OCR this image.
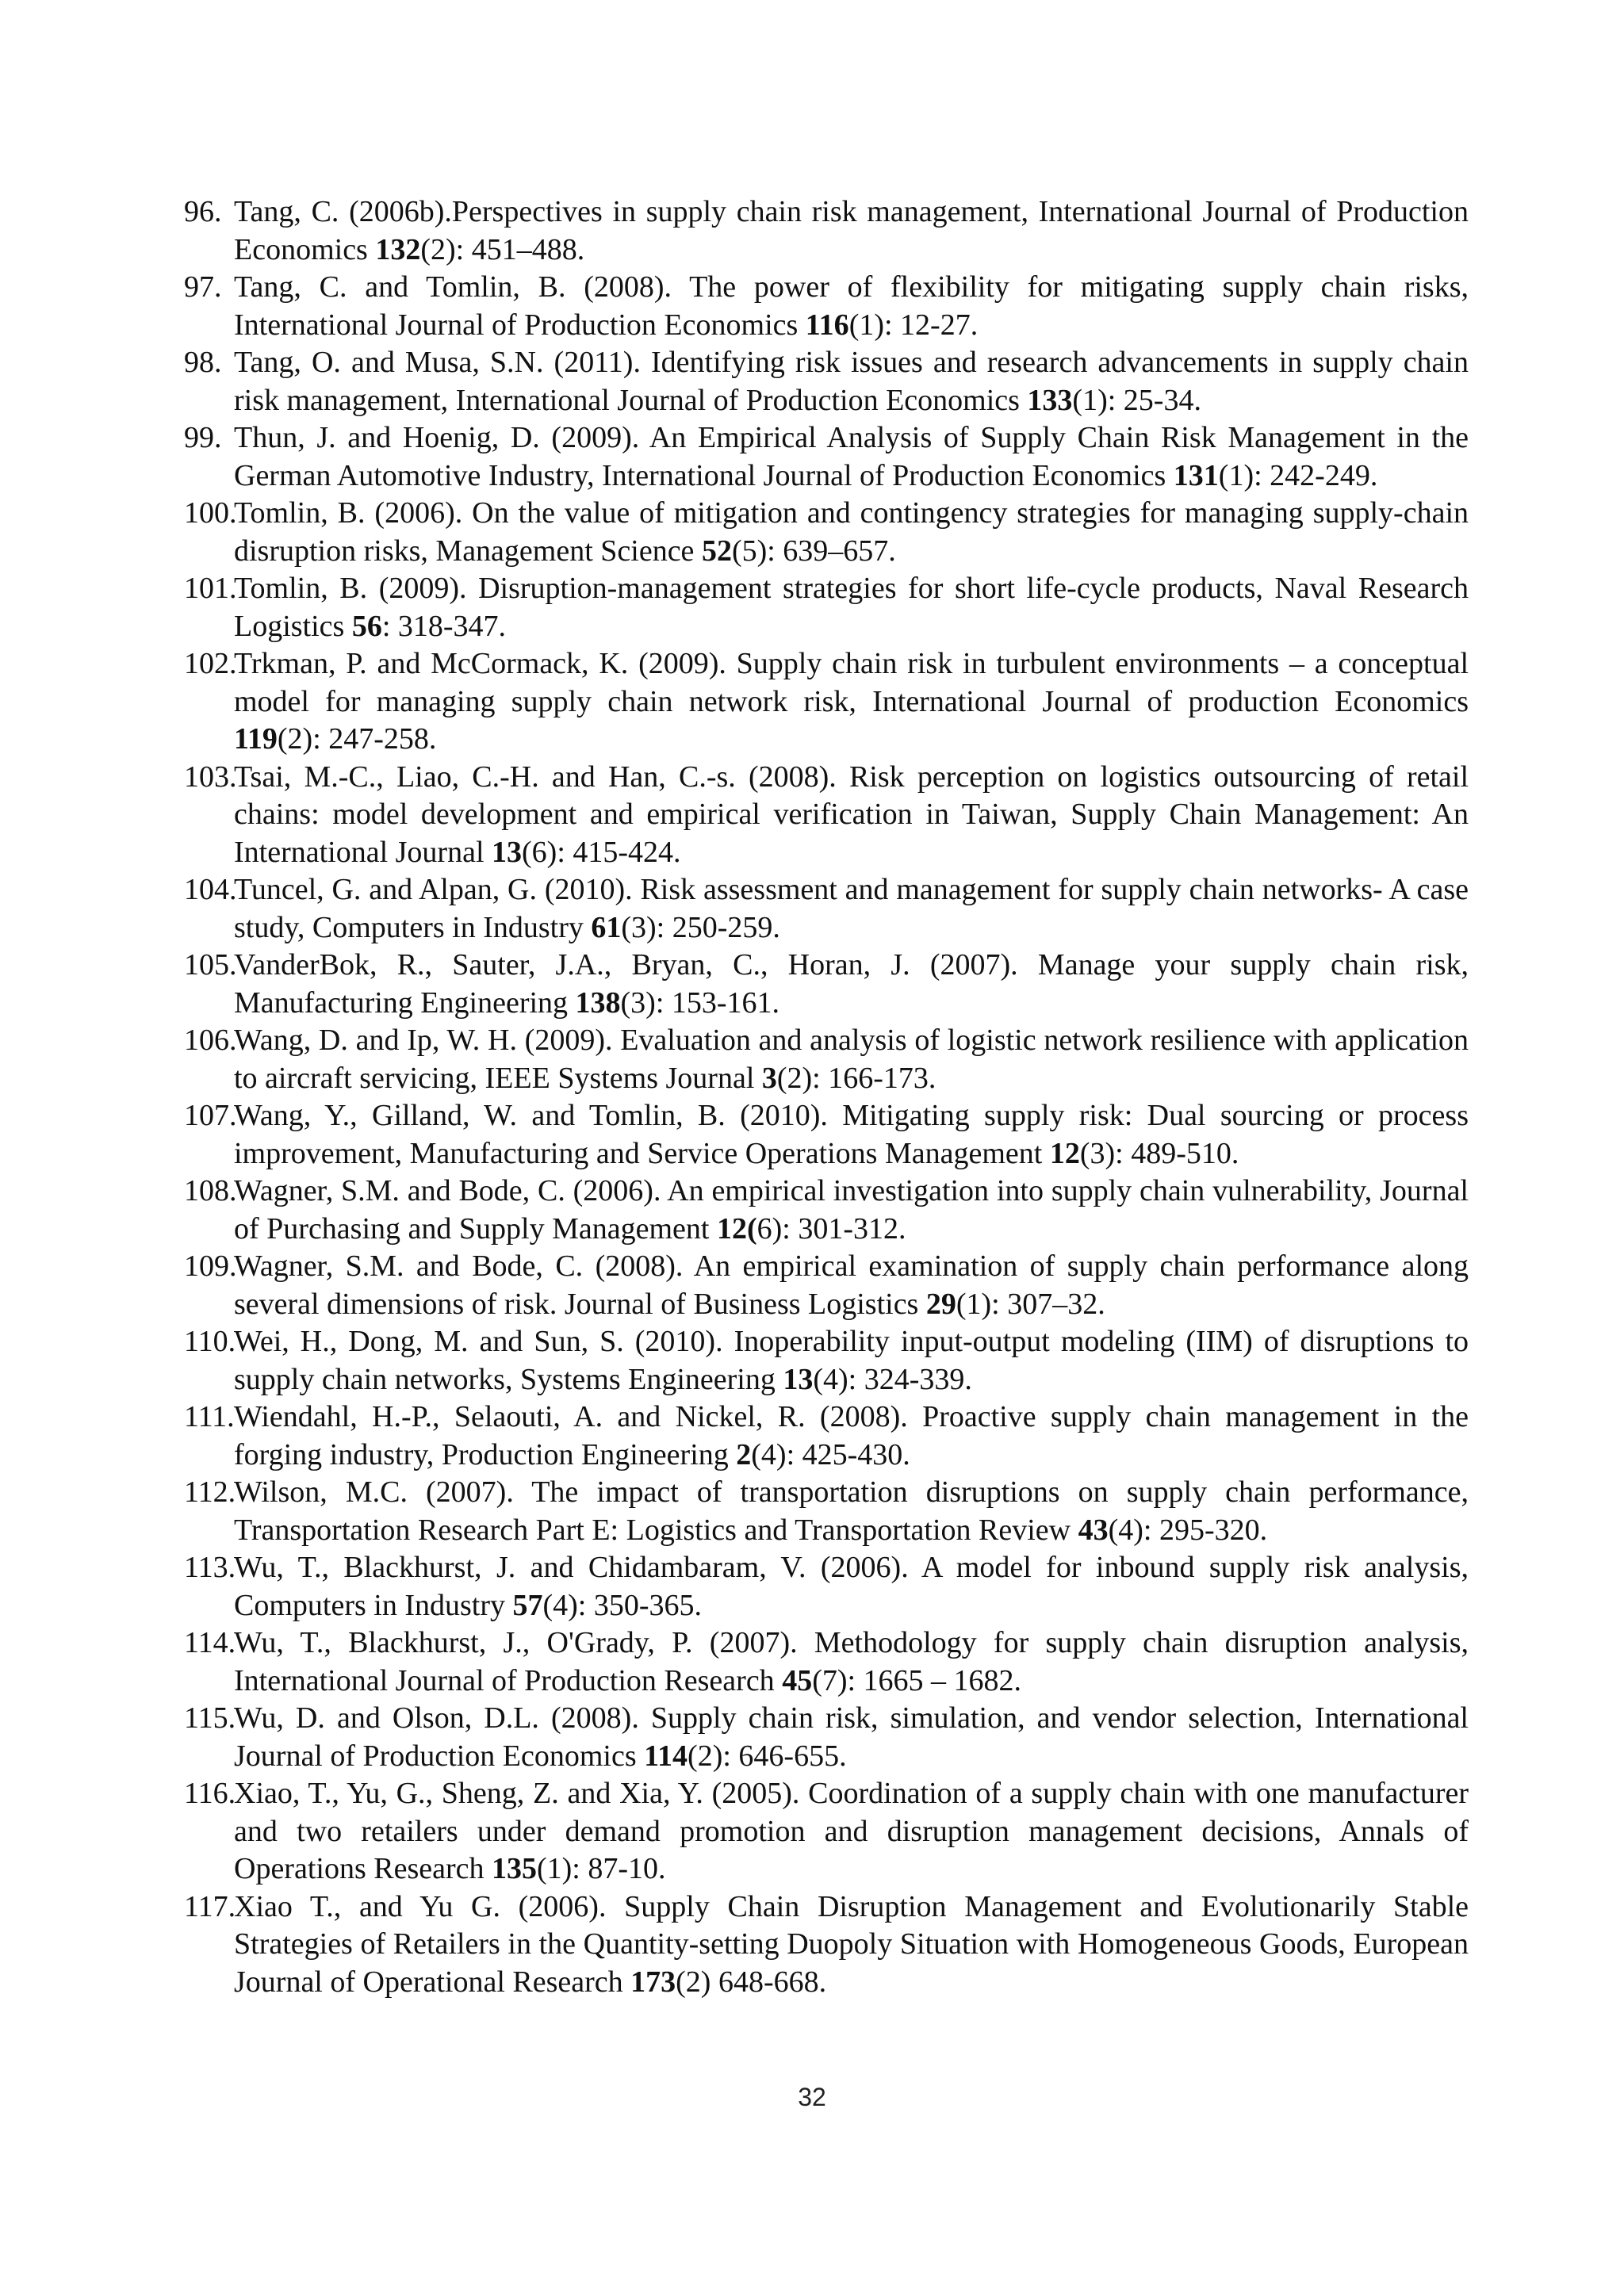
96. Tang, C. (2006b).Perspectives in supply chain risk management, International Journal of Production Economics 132(2): 451–488.
97. Tang, C. and Tomlin, B. (2008). The power of flexibility for mitigating supply chain risks, International Journal of Production Economics 116(1): 12-27.
98. Tang, O. and Musa, S.N. (2011). Identifying risk issues and research advancements in supply chain risk management, International Journal of Production Economics 133(1): 25-34.
99. Thun, J. and Hoenig, D. (2009). An Empirical Analysis of Supply Chain Risk Management in the German Automotive Industry, International Journal of Production Economics 131(1): 242-249.
100.
Tomlin, B. (2006). On the value of mitigation and contingency strategies for managing supply-chain disruption risks, Management Science 52(5): 639–657.
101.
Tomlin, B. (2009). Disruption-management strategies for short life-cycle products, Naval Research Logistics 56: 318-347.
102.
Trkman, P. and McCormack, K. (2009). Supply chain risk in turbulent environments – a conceptual model for managing supply chain network risk, International Journal of production Economics 119(2): 247-258.
103.
Tsai, M.-C., Liao, C.-H. and Han, C.-s. (2008). Risk perception on logistics outsourcing of retail chains: model development and empirical verification in Taiwan, Supply Chain Management: An International Journal 13(6): 415-424.
104.
Tuncel, G. and Alpan, G. (2010). Risk assessment and management for supply chain networks- A case study, Computers in Industry 61(3): 250-259.
105.
VanderBok, R., Sauter, J.A., Bryan, C., Horan, J. (2007). Manage your supply chain risk, Manufacturing Engineering 138(3): 153-161.
106.
Wang, D. and Ip, W. H. (2009). Evaluation and analysis of logistic network resilience with application to aircraft servicing, IEEE Systems Journal 3(2): 166-173.
107.
Wang, Y., Gilland, W. and Tomlin, B. (2010). Mitigating supply risk: Dual sourcing or process improvement, Manufacturing and Service Operations Management 12(3): 489-510.
108.
Wagner, S.M. and Bode, C. (2006). An empirical investigation into supply chain vulnerability, Journal of Purchasing and Supply Management 12(6): 301-312.
109.
Wagner, S.M. and Bode, C. (2008). An empirical examination of supply chain performance along several dimensions of risk. Journal of Business Logistics 29(1): 307–32.
110.
Wei, H., Dong, M. and Sun, S. (2010). Inoperability input-output modeling (IIM) of disruptions to supply chain networks, Systems Engineering 13(4): 324-339.
111. Wiendahl, H.-P., Selaouti, A. and Nickel, R. (2008). Proactive supply chain management in the forging industry, Production Engineering 2(4): 425-430.
112.
Wilson, M.C. (2007). The impact of transportation disruptions on supply chain performance, Transportation Research Part E: Logistics and Transportation Review 43(4): 295-320.
113.
Wu, T., Blackhurst, J. and Chidambaram, V. (2006). A model for inbound supply risk analysis, Computers in Industry 57(4): 350-365.
114.
Wu, T., Blackhurst, J., O'Grady, P. (2007). Methodology for supply chain disruption analysis, International Journal of Production Research 45(7): 1665 – 1682.
115.
Wu, D. and Olson, D.L. (2008). Supply chain risk, simulation, and vendor selection, International Journal of Production Economics 114(2): 646-655.
116.
Xiao, T., Yu, G., Sheng, Z. and Xia, Y. (2005). Coordination of a supply chain with one manufacturer and two retailers under demand promotion and disruption management decisions, Annals of Operations Research 135(1): 87-10.
117.
Xiao T., and Yu G. (2006). Supply Chain Disruption Management and Evolutionarily Stable Strategies of Retailers in the Quantity-setting Duopoly Situation with Homogeneous Goods, European Journal of Operational Research 173(2) 648-668.
32
